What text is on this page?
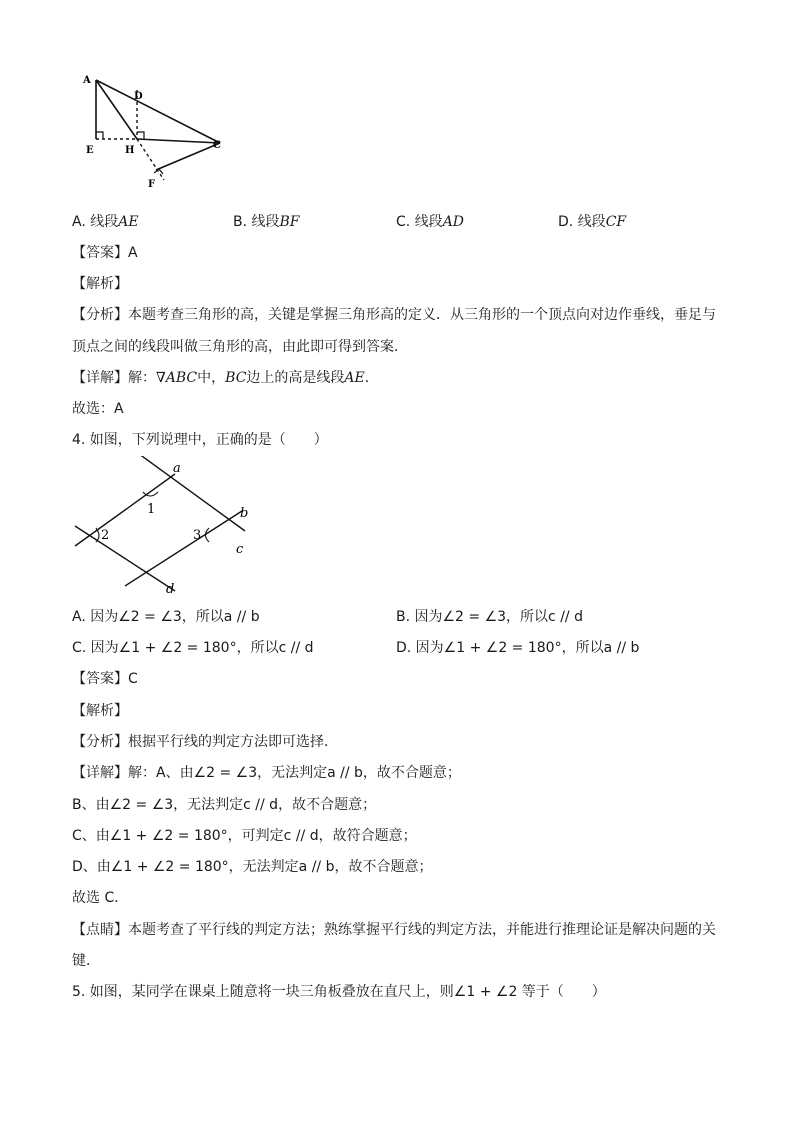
A
D
E	H	C
F
A. 线段AE	B. 线段BF	C. 线段AD	D. 线段CF
【答案】A
【解析】
【分析】本题考查三角形的高，关键是掌握三角形高的定义．从三角形的一个顶点向对边作垂线，垂足与
顶点之间的线段叫做三角形的高，由此即可得到答案．
【详解】解：∇ABC中，BC边上的高是线段AE．
故选：A
4. 如图，下列说理中，正确的是（　　）
a
b
c
d
1
2	3
A. 因为∠2 = ∠3，所以a // b	B. 因为∠2 = ∠3，所以c // d
C. 因为∠1 + ∠2 = 180°，所以c // d	D. 因为∠1 + ∠2 = 180°，所以a // b
【答案】C
【解析】
【分析】根据平行线的判定方法即可选择．
【详解】解：A、由∠2 = ∠3，无法判定a // b，故不合题意；
B、由∠2 = ∠3，无法判定c // d，故不合题意；
C、由∠1 + ∠2 = 180°，可判定c // d，故符合题意；
D、由∠1 + ∠2 = 180°，无法判定a // b，故不合题意；
故选 C．
【点睛】本题考查了平行线的判定方法；熟练掌握平行线的判定方法，并能进行推理论证是解决问题的关
键．
5. 如图，某同学在课桌上随意将一块三角板叠放在直尺上，则∠1 + ∠2 等于（　　）
